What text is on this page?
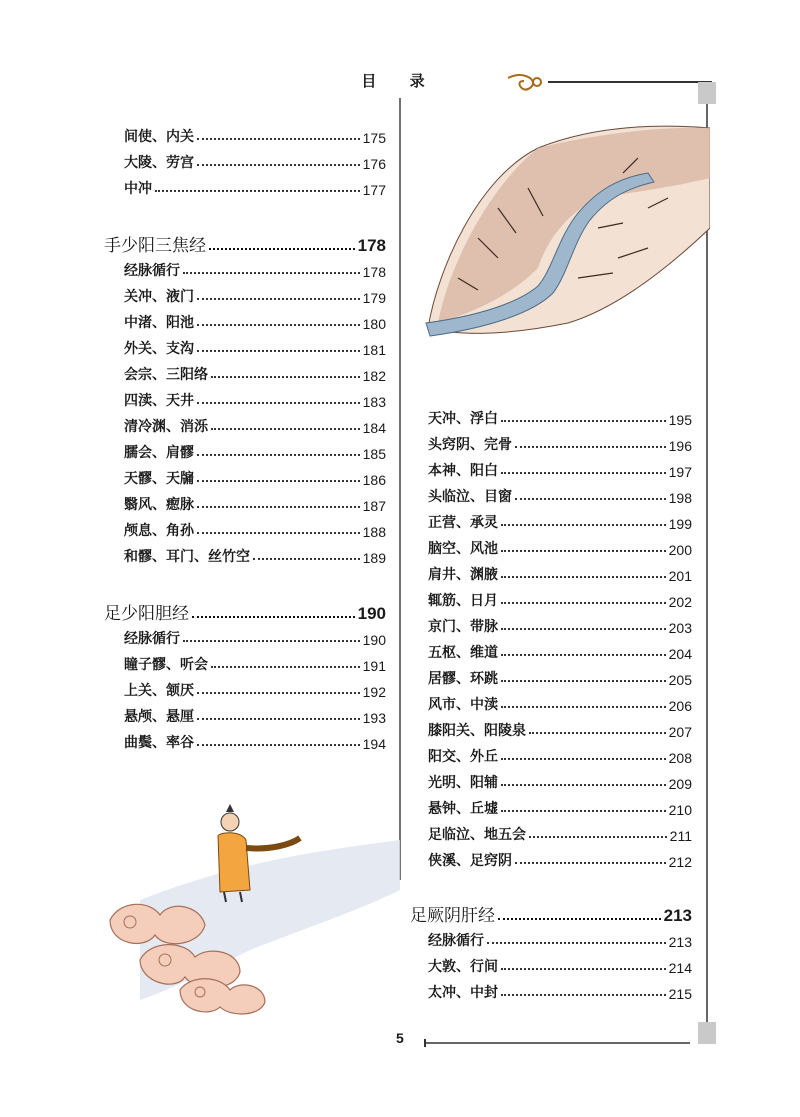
目 录
间使、内关	175
大陵、劳宫	176
中冲	177
手少阳三焦经	178
经脉循行	178
关冲、液门	179
中渚、阳池	180
外关、支沟	181
会宗、三阳络	182
四渎、天井	183
清冷渊、消泺	184
臑会、肩髎	185
天髎、天牖	186
翳风、瘛脉	187
颅息、角孙	188
和髎、耳门、丝竹空	189
足少阳胆经	190
经脉循行	190
瞳子髎、听会	191
上关、颔厌	192
悬颅、悬厘	193
曲鬓、率谷	194
天冲、浮白	195
头窍阴、完骨	196
本神、阳白	197
头临泣、目窗	198
正营、承灵	199
脑空、风池	200
肩井、渊腋	201
辄筋、日月	202
京门、带脉	203
五枢、维道	204
居髎、环跳	205
风市、中渎	206
膝阳关、阳陵泉	207
阳交、外丘	208
光明、阳辅	209
悬钟、丘墟	210
足临泣、地五会	211
侠溪、足窍阴	212
足厥阴肝经	213
经脉循行	213
大敦、行间	214
太冲、中封	215
5
